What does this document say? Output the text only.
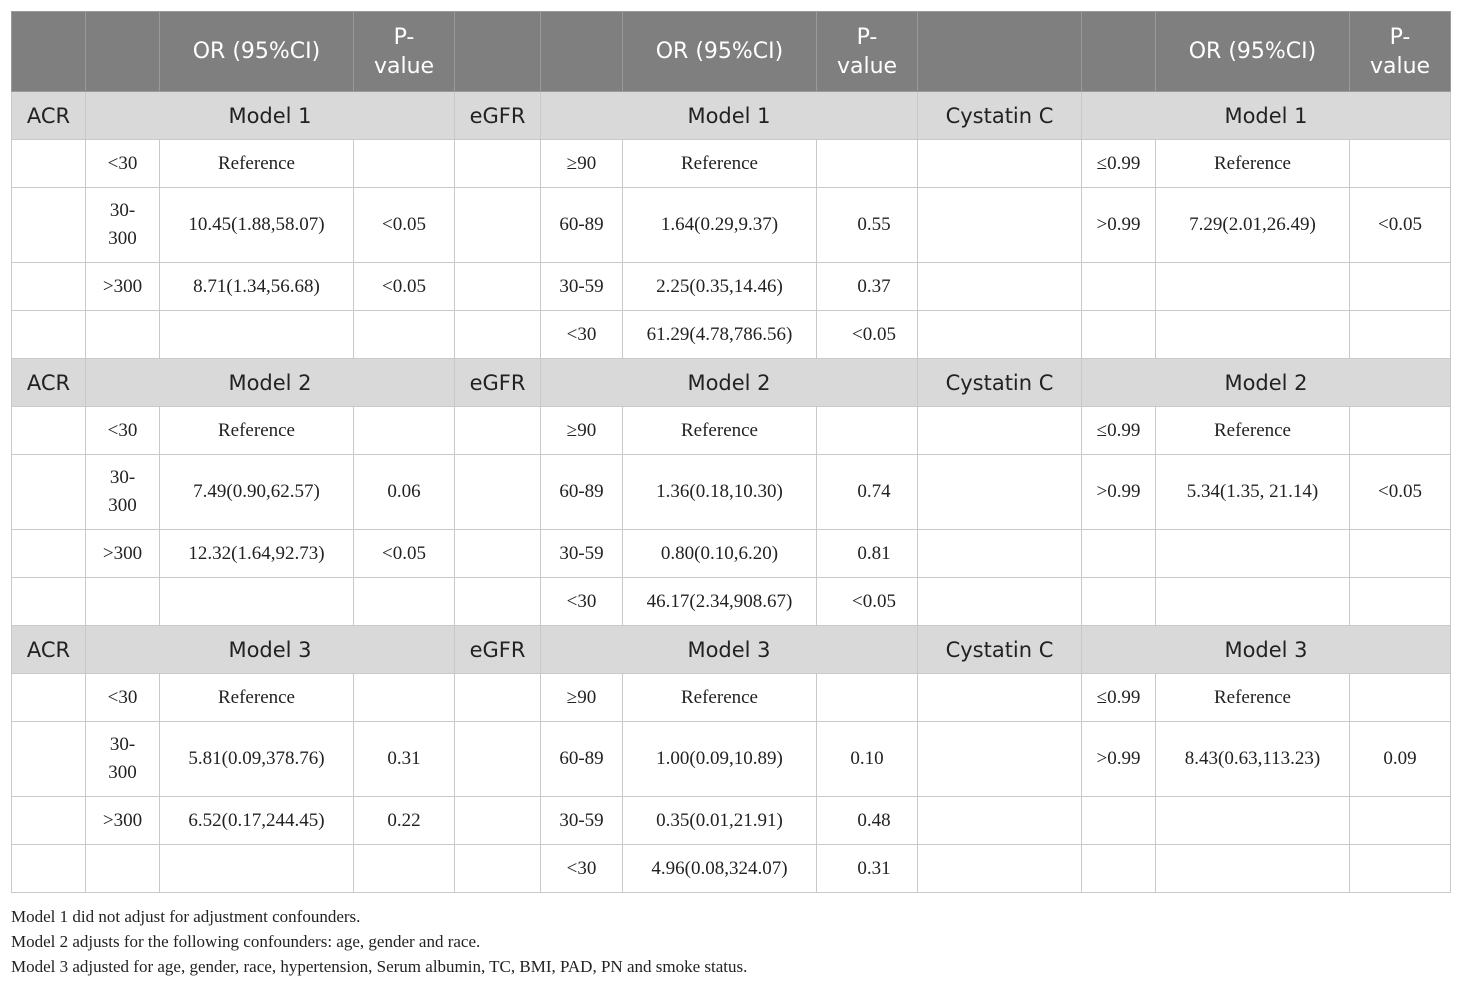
		OR (95%CI)	P-
value			OR (95%CI)	P-
value			OR (95%CI)	P-
value
ACR	Model 1			eGFR	Model 1			Cystatin C	Model 1		
	<30	Reference			≥90	Reference			≤0.99	Reference	
	30-
300	10.45(1.88,58.07)	<0.05		60-89	1.64(0.29,9.37)	0.55		>0.99	7.29(2.01,26.49)	<0.05
	>300	8.71(1.34,56.68)	<0.05		30-59	2.25(0.35,14.46)	0.37				
					<30	61.29(4.78,786.56)	<0.05				
ACR	Model 2			eGFR	Model 2			Cystatin C	Model 2		
	<30	Reference			≥90	Reference			≤0.99	Reference	
	30-
300	7.49(0.90,62.57)	0.06		60-89	1.36(0.18,10.30)	0.74		>0.99	5.34(1.35, 21.14)	<0.05
	>300	12.32(1.64,92.73)	<0.05		30-59	0.80(0.10,6.20)	0.81				
					<30	46.17(2.34,908.67)	<0.05				
ACR	Model 3			eGFR	Model 3			Cystatin C	Model 3		
	<30	Reference			≥90	Reference			≤0.99	Reference	
	30-
300	5.81(0.09,378.76)	0.31		60-89	1.00(0.09,10.89)	0.10		>0.99	8.43(0.63,113.23)	0.09
	>300	6.52(0.17,244.45)	0.22		30-59	0.35(0.01,21.91)	0.48				
					<30	4.96(0.08,324.07)	0.31				
Model 1 did not adjust for adjustment confounders.
Model 2 adjusts for the following confounders: age, gender and race.
Model 3 adjusted for age, gender, race, hypertension, Serum albumin, TC, BMI, PAD, PN and smoke status.
